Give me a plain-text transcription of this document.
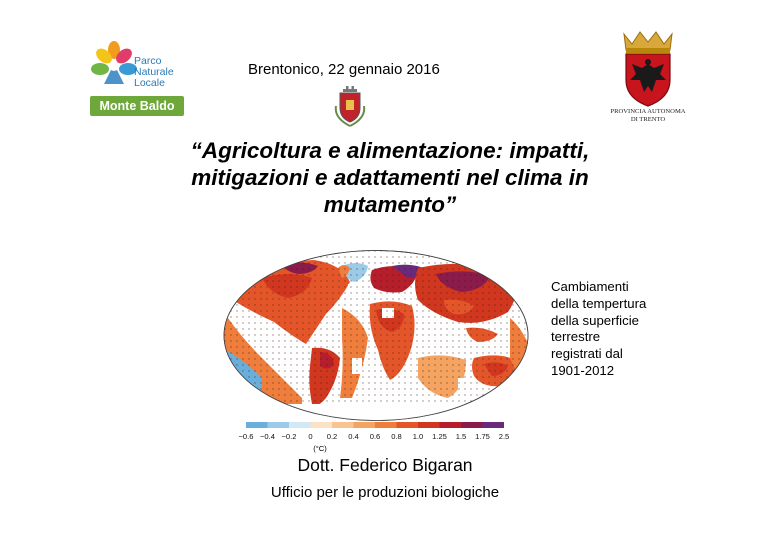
Parco
Naturale
Locale
Monte Baldo
Brentonico, 22 gennaio 2016
PROVINCIA AUTONOMA
DI TRENTO
“Agricoltura e alimentazione: impatti,
mitigazioni e adattamenti nel clima in
mutamento”
Cambiamenti
della tempertura
della superficie
terrestre
registrati dal
1901-2012
−0.6 −0.4 −0.2 0 0.2 0.4 0.6 0.8 1.0 1.25 1.5 1.75 2.5
(°C)
Dott. Federico Bigaran
Ufficio per le produzioni biologiche
